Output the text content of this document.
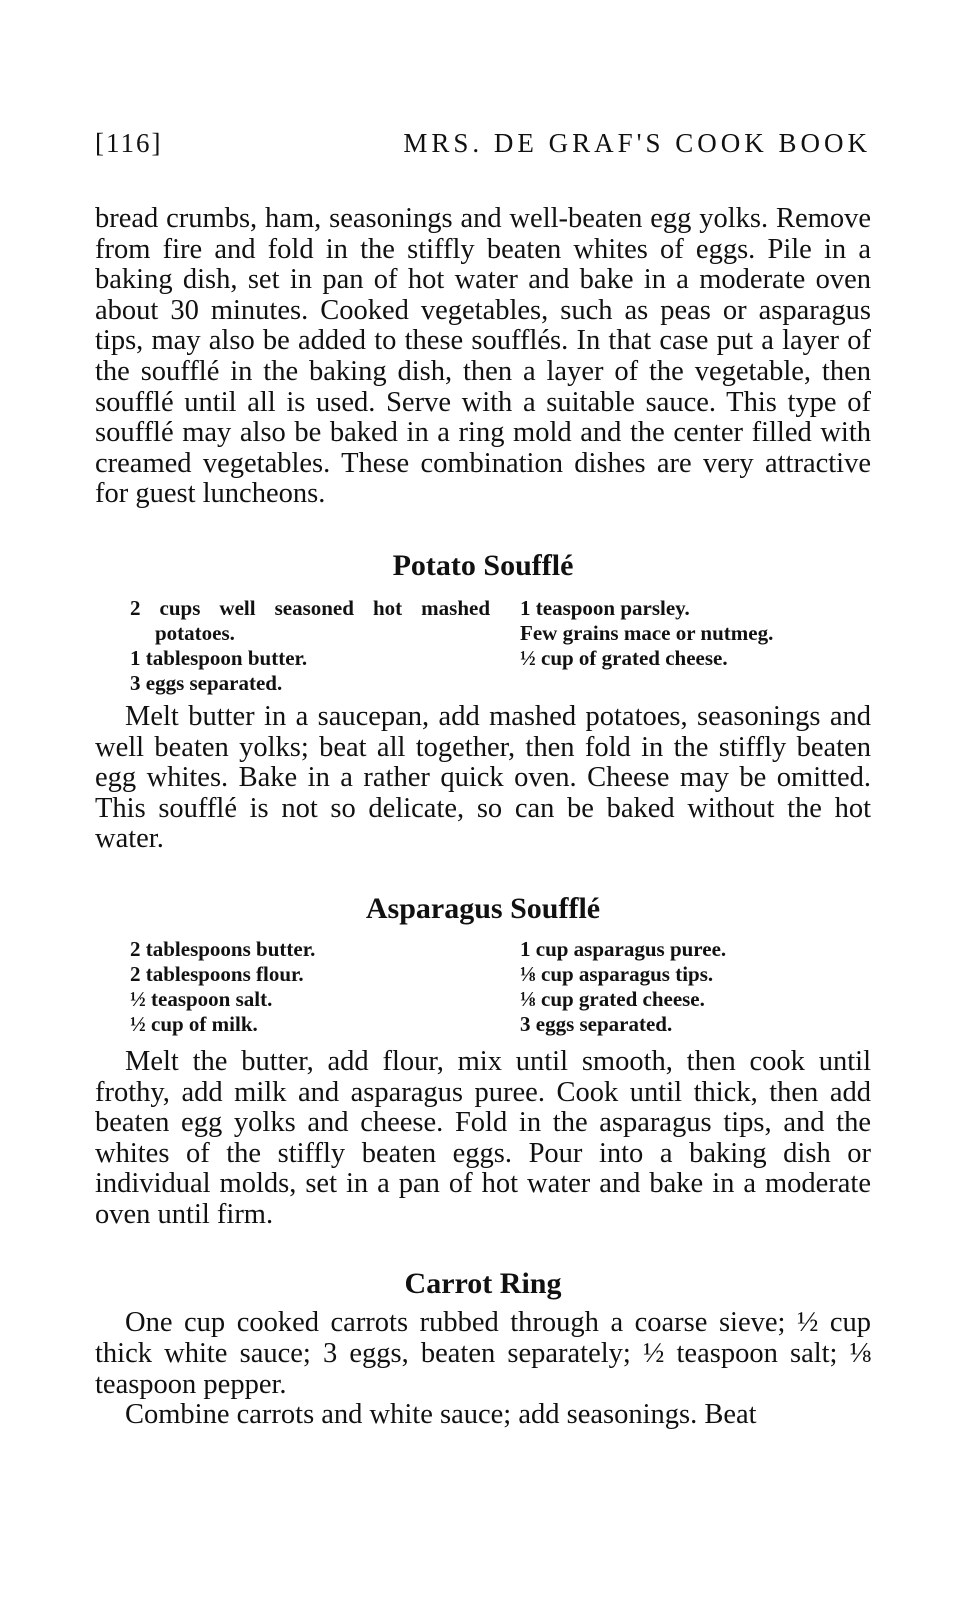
[116]	MRS. DE GRAF'S COOK BOOK

bread crumbs, ham, seasonings and well-beaten egg yolks. Remove from fire and fold in the stiffly beaten whites of eggs. Pile in a baking dish, set in pan of hot water and bake in a moderate oven about 30 minutes. Cooked vegetables, such as peas or asparagus tips, may also be added to these soufflés. In that case put a layer of the soufflé in the baking dish, then a layer of the vegetable, then soufflé until all is used. Serve with a suitable sauce. This type of soufflé may also be baked in a ring mold and the center filled with creamed vegetables. These combination dishes are very attractive for guest luncheons.

Potato Soufflé
2 cups well seasoned hot mashed potatoes.
1 tablespoon butter.
3 eggs separated.
1 teaspoon parsley.
Few grains mace or nutmeg.
½ cup of grated cheese.

Melt butter in a saucepan, add mashed potatoes, seasonings and well beaten yolks; beat all together, then fold in the stiffly beaten egg whites. Bake in a rather quick oven. Cheese may be omitted. This soufflé is not so delicate, so can be baked without the hot water.

Asparagus Soufflé
2 tablespoons butter.
2 tablespoons flour.
½ teaspoon salt.
½ cup of milk.
1 cup asparagus puree.
⅛ cup asparagus tips.
⅛ cup grated cheese.
3 eggs separated.

Melt the butter, add flour, mix until smooth, then cook until frothy, add milk and asparagus puree. Cook until thick, then add beaten egg yolks and cheese. Fold in the asparagus tips, and the whites of the stiffly beaten eggs. Pour into a baking dish or individual molds, set in a pan of hot water and bake in a moderate oven until firm.

Carrot Ring

One cup cooked carrots rubbed through a coarse sieve; ½ cup thick white sauce; 3 eggs, beaten separately; ½ teaspoon salt; ⅛ teaspoon pepper.

Combine carrots and white sauce; add seasonings. Beat
